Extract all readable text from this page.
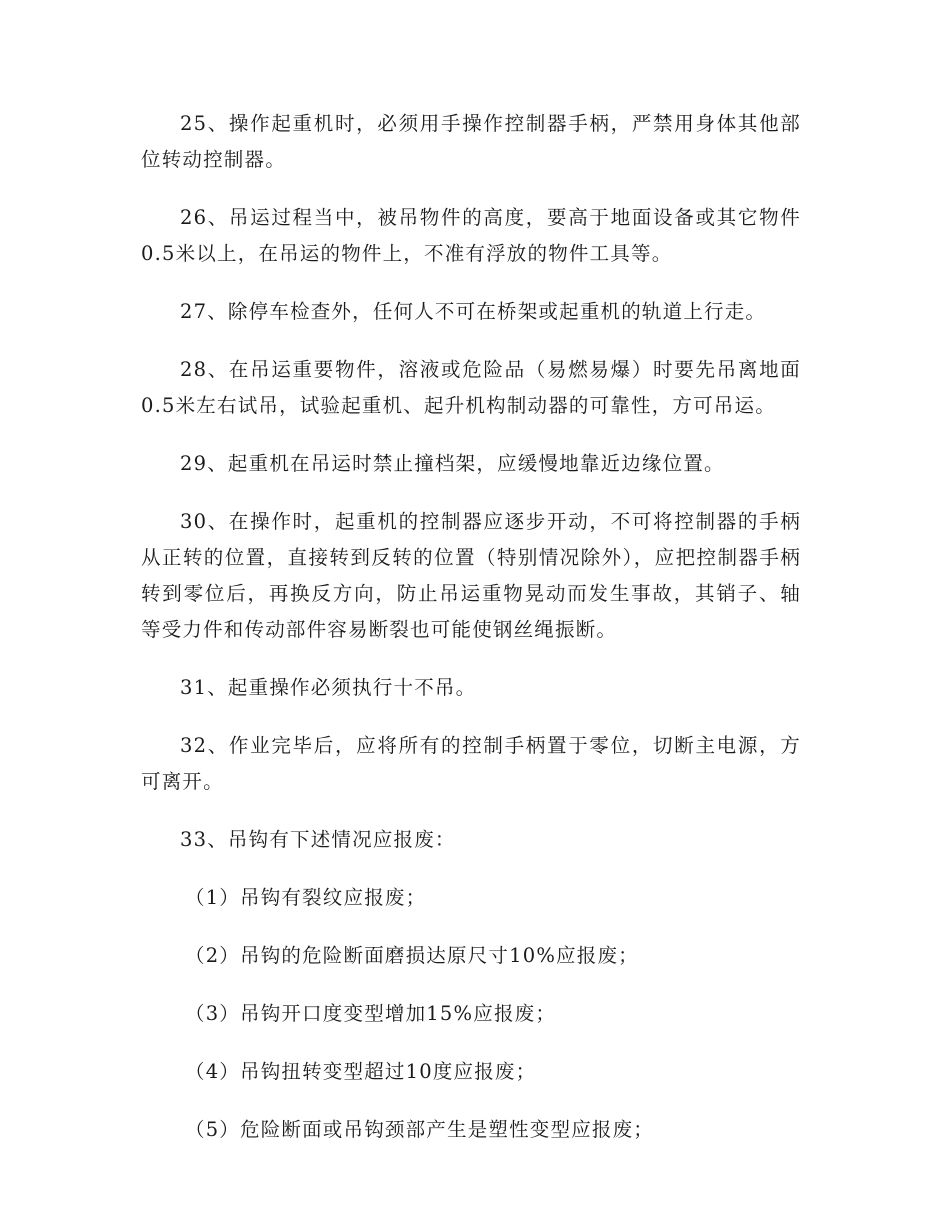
25、操作起重机时，必须用手操作控制器手柄，严禁用身体其他部位转动控制器。

26、吊运过程当中，被吊物件的高度，要高于地面设备或其它物件0.5米以上，在吊运的物件上，不准有浮放的物件工具等。

27、除停车检查外，任何人不可在桥架或起重机的轨道上行走。

28、在吊运重要物件，溶液或危险品（易燃易爆）时要先吊离地面0.5米左右试吊，试验起重机、起升机构制动器的可靠性，方可吊运。

29、起重机在吊运时禁止撞档架，应缓慢地靠近边缘位置。

30、在操作时，起重机的控制器应逐步开动，不可将控制器的手柄从正转的位置，直接转到反转的位置（特别情况除外），应把控制器手柄转到零位后，再换反方向，防止吊运重物晃动而发生事故，其销子、轴等受力件和传动部件容易断裂也可能使钢丝绳振断。

31、起重操作必须执行十不吊。

32、作业完毕后，应将所有的控制手柄置于零位，切断主电源，方可离开。

33、吊钩有下述情况应报废：

（1）吊钩有裂纹应报废；

（2）吊钩的危险断面磨损达原尺寸10%应报废；

（3）吊钩开口度变型增加15%应报废；

（4）吊钩扭转变型超过10度应报废；

（5）危险断面或吊钩颈部产生是塑性变型应报废；
